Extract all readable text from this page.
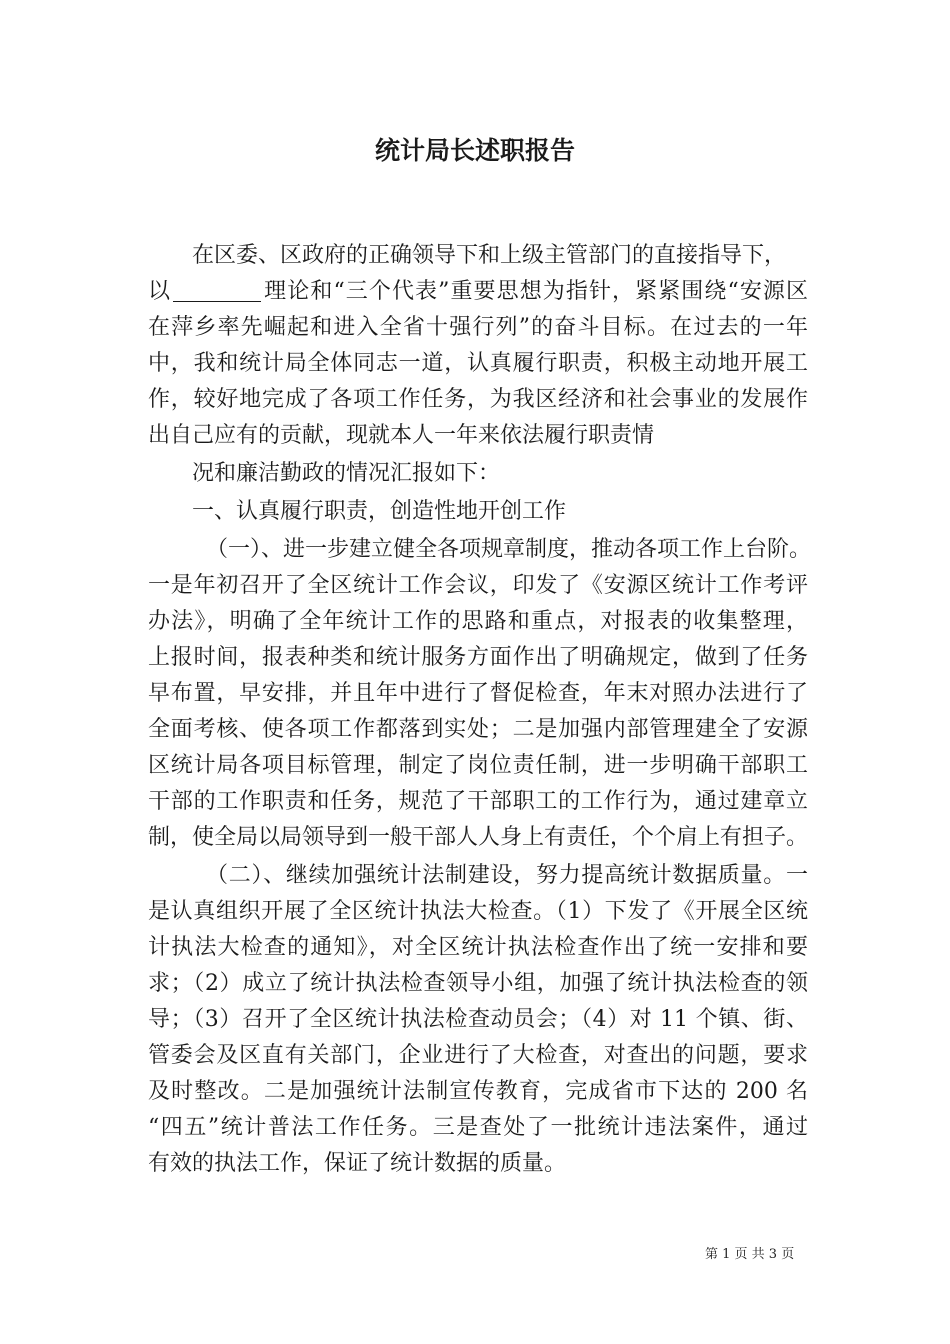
统计局长述职报告
在区委、区政府的正确领导下和上级主管部门的直接指导下，
以	理论和“三个代表”重要思想为指针，紧紧围绕“安源区
在萍乡率先崛起和进入全省十强行列”的奋斗目标。在过去的一年
中，我和统计局全体同志一道，认真履行职责，积极主动地开展工
作，较好地完成了各项工作任务，为我区经济和社会事业的发展作
出自己应有的贡献，现就本人一年来依法履行职责情
况和廉洁勤政的情况汇报如下：
一、认真履行职责，创造性地开创工作
（一）、进一步建立健全各项规章制度，推动各项工作上台阶。
一是年初召开了全区统计工作会议，印发了《安源区统计工作考评
办法》，明确了全年统计工作的思路和重点，对报表的收集整理，
上报时间，报表种类和统计服务方面作出了明确规定，做到了任务
早布置，早安排，并且年中进行了督促检查，年末对照办法进行了
全面考核、使各项工作都落到实处；二是加强内部管理建全了安源
区统计局各项目标管理，制定了岗位责任制，进一步明确干部职工
干部的工作职责和任务，规范了干部职工的工作行为，通过建章立
制，使全局以局领导到一般干部人人身上有责任，个个肩上有担子。
（二）、继续加强统计法制建设，努力提高统计数据质量。一
是认真组织开展了全区统计执法大检查。（1）下发了《开展全区统
计执法大检查的通知》，对全区统计执法检查作出了统一安排和要
求；（2）成立了统计执法检查领导小组，加强了统计执法检查的领
导；（3）召开了全区统计执法检查动员会；（4）对 11 个镇、街、
管委会及区直有关部门，企业进行了大检查，对查出的问题，要求
及时整改。二是加强统计法制宣传教育，完成省市下达的 200 名
“四五”统计普法工作任务。三是查处了一批统计违法案件，通过
有效的执法工作，保证了统计数据的质量。
第 1 页 共 3 页
